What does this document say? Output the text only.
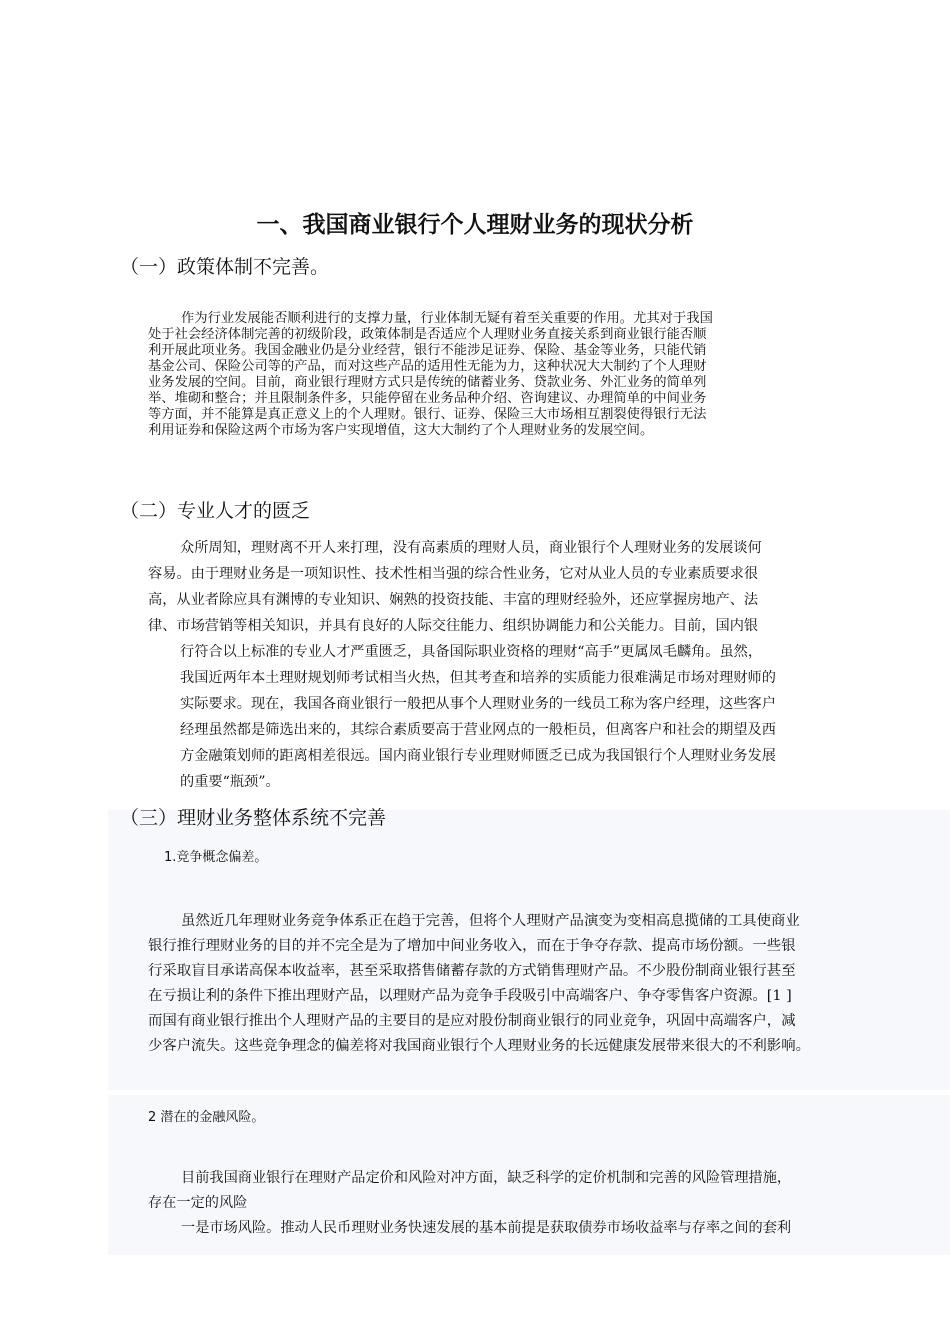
一、我国商业银行个人理财业务的现状分析
（一）政策体制不完善。
作为行业发展能否顺利进行的支撑力量，行业体制无疑有着至关重要的作用。尤其对于我国
处于社会经济体制完善的初级阶段，政策体制是否适应个人理财业务直接关系到商业银行能否顺
利开展此项业务。我国金融业仍是分业经营，银行不能涉足证券、保险、基金等业务，只能代销
基金公司、保险公司等的产品，而对这些产品的适用性无能为力，这种状况大大制约了个人理财
业务发展的空间。目前，商业银行理财方式只是传统的储蓄业务、贷款业务、外汇业务的简单列
举、堆砌和整合；并且限制条件多，只能停留在业务品种介绍、咨询建议、办理简单的中间业务
等方面，并不能算是真正意义上的个人理财。银行、证券、保险三大市场相互割裂使得银行无法
利用证券和保险这两个市场为客户实现增值，这大大制约了个人理财业务的发展空间。
（二）专业人才的匮乏
众所周知，理财离不开人来打理，没有高素质的理财人员，商业银行个人理财业务的发展谈何
容易。由于理财业务是一项知识性、技术性相当强的综合性业务，它对从业人员的专业素质要求很
高，从业者除应具有渊博的专业知识、娴熟的投资技能、丰富的理财经验外，还应掌握房地产、法
律、市场营销等相关知识，并具有良好的人际交往能力、组织协调能力和公关能力。目前，国内银
行符合以上标准的专业人才严重匮乏，具备国际职业资格的理财“高手”更属凤毛麟角。虽然，
我国近两年本土理财规划师考试相当火热，但其考查和培养的实质能力很难满足市场对理财师的
实际要求。现在，我国各商业银行一般把从事个人理财业务的一线员工称为客户经理，这些客户
经理虽然都是筛选出来的，其综合素质要高于营业网点的一般柜员，但离客户和社会的期望及西
方金融策划师的距离相差很远。国内商业银行专业理财师匮乏已成为我国银行个人理财业务发展
的重要“瓶颈”。
（三）理财业务整体系统不完善
1.竞争概念偏差。
虽然近几年理财业务竞争体系正在趋于完善，但将个人理财产品演变为变相高息揽储的工具使商业
银行推行理财业务的目的并不完全是为了增加中间业务收入，而在于争夺存款、提高市场份额。一些银
行采取盲目承诺高保本收益率，甚至采取搭售储蓄存款的方式销售理财产品。不少股份制商业银行甚至
在亏损让利的条件下推出理财产品，以理财产品为竞争手段吸引中高端客户、争夺零售客户资源。[1 ]
而国有商业银行推出个人理财产品的主要目的是应对股份制商业银行的同业竞争，巩固中高端客户，减
少客户流失。这些竞争理念的偏差将对我国商业银行个人理财业务的长远健康发展带来很大的不利影响。
2 潜在的金融风险。
目前我国商业银行在理财产品定价和风险对冲方面，缺乏科学的定价机制和完善的风险管理措施，
存在一定的风险
一是市场风险。推动人民币理财业务快速发展的基本前提是获取债券市场收益率与存率之间的套利
